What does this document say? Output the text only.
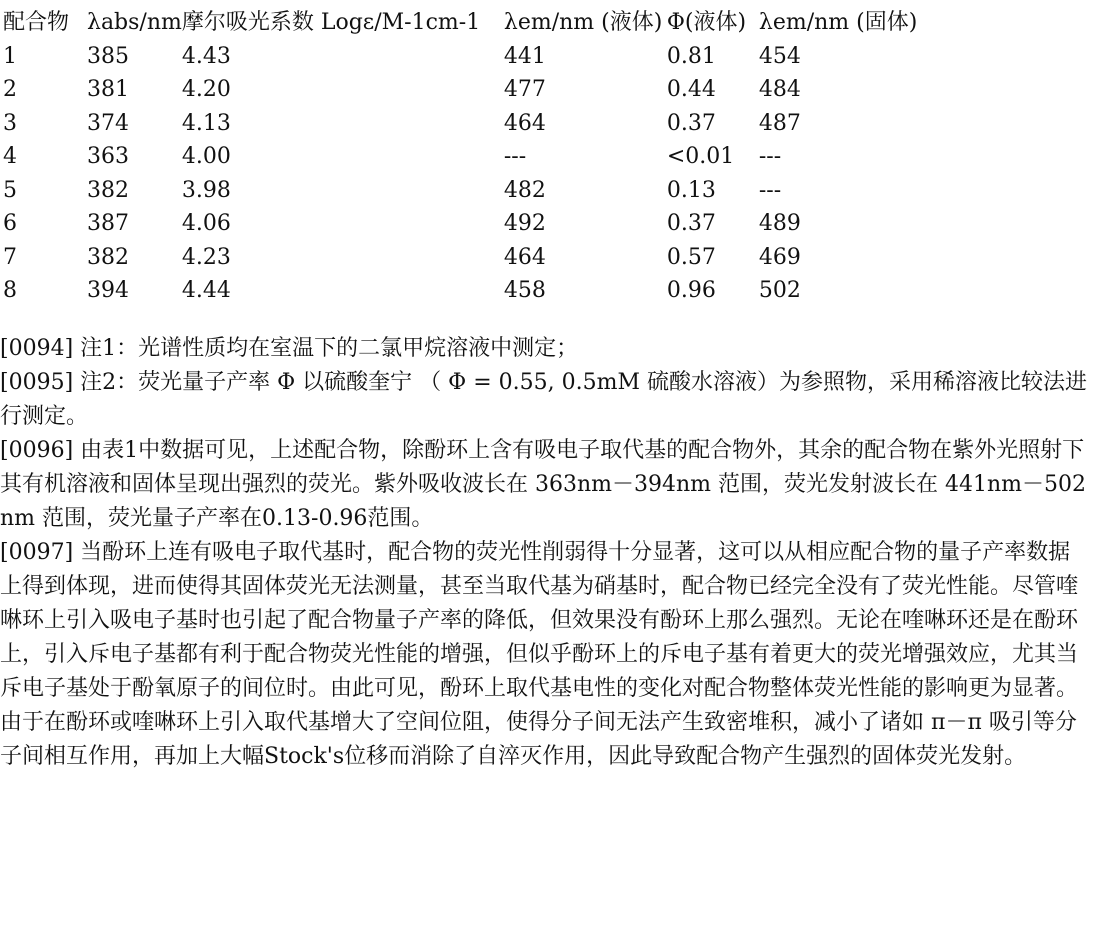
配合物	λabs/nm	摩尔吸光系数 Logε/M-1cm-1	λem/nm (液体)	Φ(液体)	λem/nm (固体)
1	385	4.43	441	0.81	454
2	381	4.20	477	0.44	484
3	374	4.13	464	0.37	487
4	363	4.00	---	<0.01	---
5	382	3.98	482	0.13	---
6	387	4.06	492	0.37	489
7	382	4.23	464	0.57	469
8	394	4.44	458	0.96	502

[0094] 注1：光谱性质均在室温下的二氯甲烷溶液中测定；

[0095] 注2：荧光量子产率 Φ 以硫酸奎宁 （ Φ = 0.55, 0.5mM 硫酸水溶液）为参照物，采用稀溶液比较法进行测定。

[0096] 由表1中数据可见，上述配合物，除酚环上含有吸电子取代基的配合物外，其余的配合物在紫外光照射下其有机溶液和固体呈现出强烈的荧光。紫外吸收波长在 363nm－394nm 范围，荧光发射波长在 441nm－502nm 范围，荧光量子产率在0.13-0.96范围。

[0097] 当酚环上连有吸电子取代基时，配合物的荧光性削弱得十分显著，这可以从相应配合物的量子产率数据上得到体现，进而使得其固体荧光无法测量，甚至当取代基为硝基时，配合物已经完全没有了荧光性能。尽管喹啉环上引入吸电子基时也引起了配合物量子产率的降低，但效果没有酚环上那么强烈。无论在喹啉环还是在酚环上，引入斥电子基都有利于配合物荧光性能的增强，但似乎酚环上的斥电子基有着更大的荧光增强效应，尤其当斥电子基处于酚氧原子的间位时。由此可见，酚环上取代基电性的变化对配合物整体荧光性能的影响更为显著。由于在酚环或喹啉环上引入取代基增大了空间位阻，使得分子间无法产生致密堆积，减小了诸如 π－π 吸引等分子间相互作用，再加上大幅Stock's位移而消除了自淬灭作用，因此导致配合物产生强烈的固体荧光发射。
